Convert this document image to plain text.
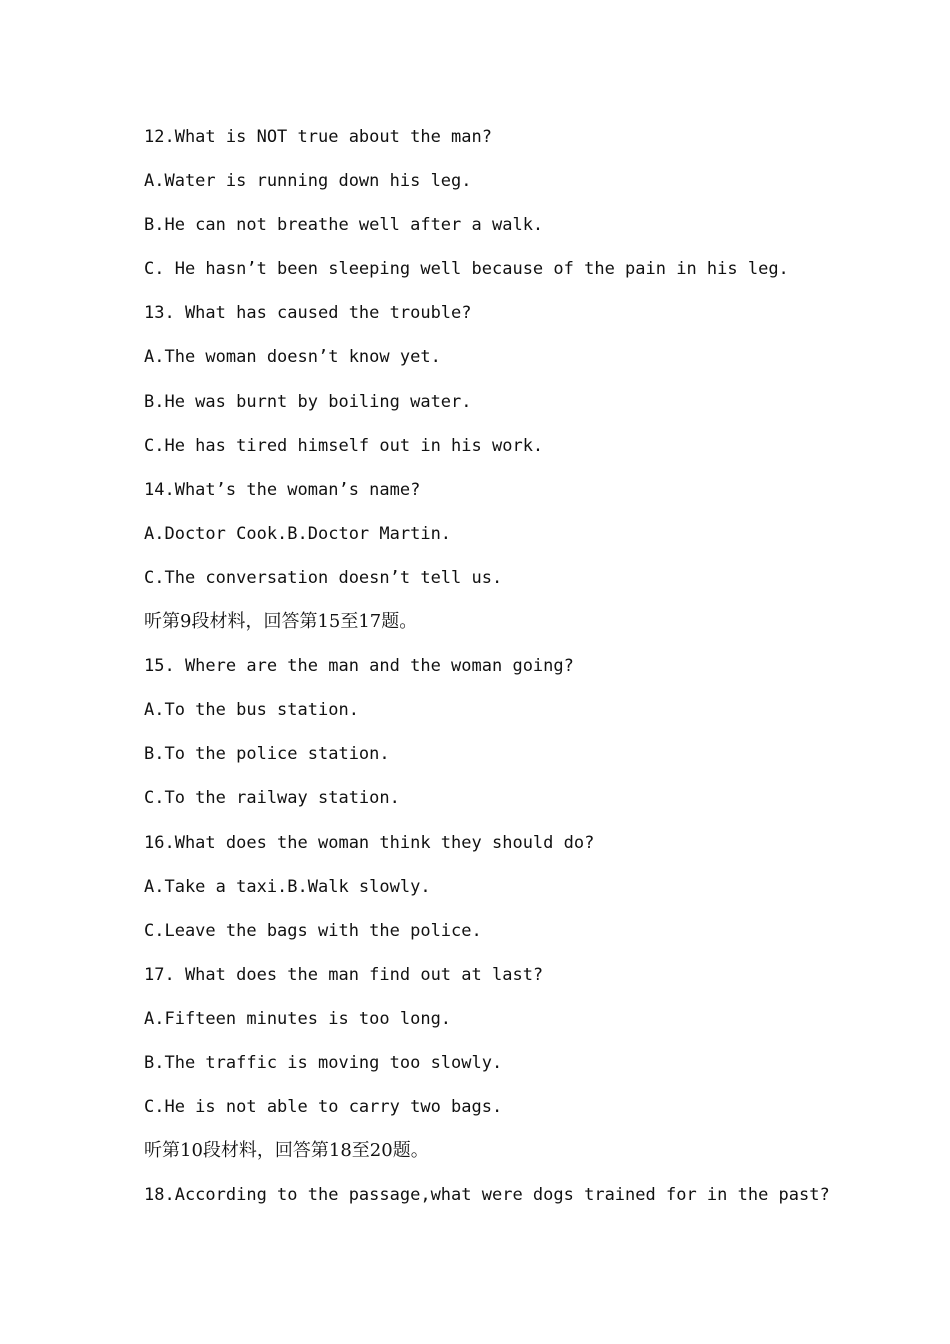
12.What is NOT true about the man?
A.Water is running down his leg.
B.He can not breathe well after a walk.
C. He hasn’t been sleeping well because of the pain in his leg.
13. What has caused the trouble?
A.The woman doesn’t know yet.
B.He was burnt by boiling water.
C.He has tired himself out in his work.
14.What’s the woman’s name?
A.Doctor Cook.B.Doctor Martin.
C.The conversation doesn’t tell us.
听第9段材料，回答第15至17题。
15. Where are the man and the woman going?
A.To the bus station.
B.To the police station.
C.To the railway station.
16.What does the woman think they should do?
A.Take a taxi.B.Walk slowly.
C.Leave the bags with the police.
17. What does the man find out at last?
A.Fifteen minutes is too long.
B.The traffic is moving too slowly.
C.He is not able to carry two bags.
听第10段材料，回答第18至20题。
18.According to the passage,what were dogs trained for in the past?
